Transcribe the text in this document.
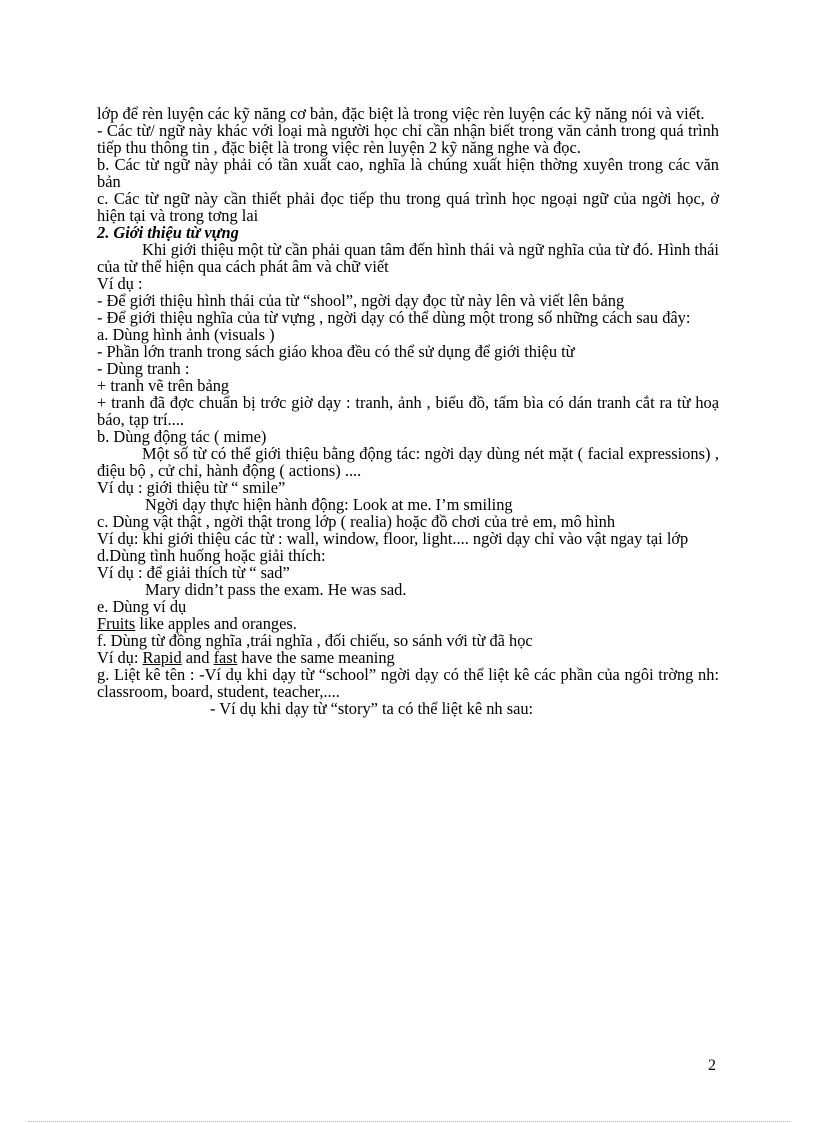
lớp để rèn luyện các kỹ năng cơ bản, đặc biệt là trong việc rèn luyện các kỹ năng nói và viết.

- Các từ/ ngữ này khác với loại mà người học chỉ cần nhận biết trong văn cảnh trong quá trình tiếp thu thông tin , đặc biệt là trong việc rèn luyện 2 kỹ năng nghe và đọc.

b. Các từ ngữ này phải có tần xuất cao, nghĩa là chúng xuất hiện thờng xuyên trong các văn bản

c. Các từ ngữ này cần thiết phải đọc tiếp thu trong quá trình học ngoại ngữ của ngời học, ở hiện tại và trong tơng lai

2. Giới thiệu từ vựng

Khi giới thiệu một từ cần phải quan tâm đến hình thái và ngữ nghĩa của từ đó. Hình thái của từ thể hiện qua cách phát âm và chữ viết

Ví dụ :

- Để giới thiệu hình thái của từ “shool”, ngời dạy đọc từ này lên và viết lên bảng

- Để giới thiệu nghĩa của từ vựng , ngời dạy có thể dùng một trong số những cách sau đây:

a. Dùng hình ảnh (visuals )

- Phần lớn tranh trong sách giáo khoa đều có thể sử dụng để giới thiệu từ

- Dùng tranh :

+ tranh vẽ trên bảng

+ tranh đã đợc chuẩn bị trớc giờ dạy : tranh, ảnh , biểu đồ, tấm bìa có dán tranh cắt ra từ hoạ báo, tạp trí....

b. Dùng động tác ( mime)

Một số từ có thể giới thiệu bằng động tác: ngời dạy dùng nét mặt ( facial expressions) , điệu bộ , cử chỉ, hành động ( actions) ....

Ví dụ : giới thiệu từ “ smile”

Ngời dạy thực hiện hành động: Look at me. I’m smiling

c. Dùng vật thật , ngời thật trong lớp ( realia) hoặc đồ chơi của trẻ em, mô hình

Ví dụ: khi giới thiệu các từ : wall, window, floor, light.... ngời dạy chỉ vào vật ngay tại lớp

d.Dùng tình huống hoặc giải thích:

Ví dụ : để giải thích từ “ sad”

Mary didn’t pass the exam. He was sad.

e. Dùng ví dụ

Fruits like apples and oranges.

f. Dùng từ đồng nghĩa ,trái nghĩa , đối chiếu, so sánh với từ đã học

Ví dụ: Rapid and fast have the same meaning

g. Liệt kê tên : -Ví dụ khi dạy từ “school” ngời dạy có thể liệt kê các phần của ngôi trờng nh: classroom, board, student, teacher,....

- Ví dụ khi dạy từ “story” ta có thể liệt kê nh sau:

2
